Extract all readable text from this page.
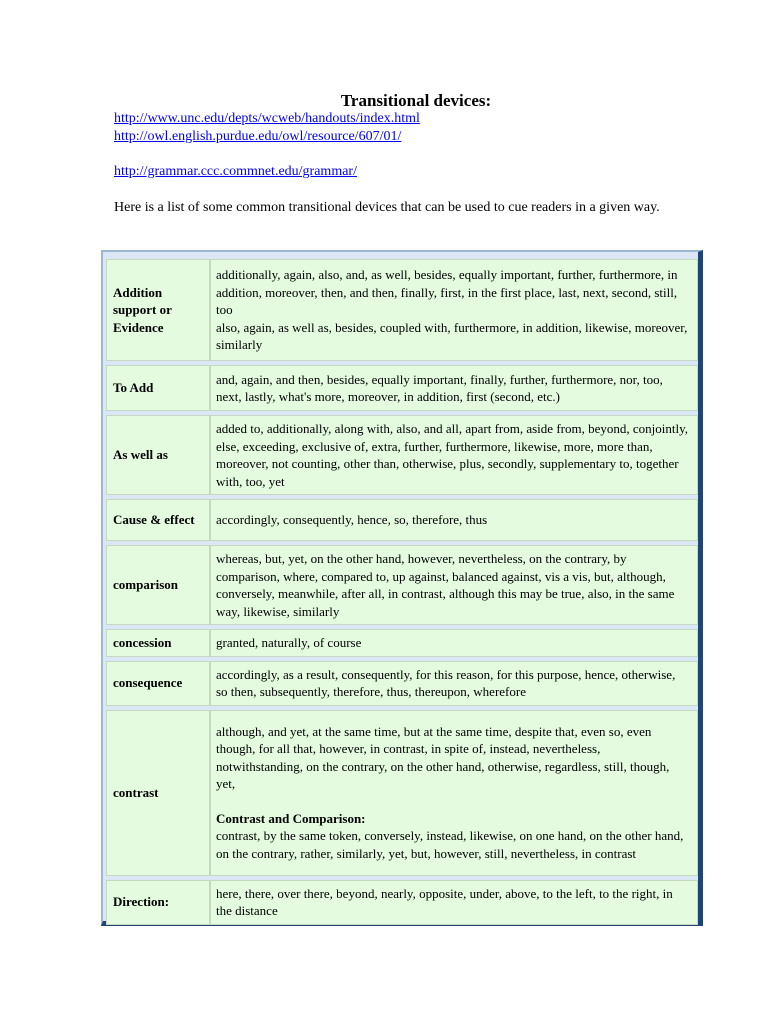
Transitional devices:
http://www.unc.edu/depts/wcweb/handouts/index.html
http://owl.english.purdue.edu/owl/resource/607/01/
http://grammar.ccc.commnet.edu/grammar/
Here is a list of some common transitional devices that can be used to cue readers in a given way.
Addition support or Evidence	additionally, again, also, and, as well, besides, equally important, further, furthermore, in addition, moreover, then, and then, finally, first, in the first place, last, next, second, still, too
also, again, as well as, besides, coupled with, furthermore, in addition, likewise, moreover, similarly
To Add	and, again, and then, besides, equally important, finally, further, furthermore, nor, too, next, lastly, what's more, moreover, in addition, first (second, etc.)
As well as	added to, additionally, along with, also, and all, apart from, aside from, beyond, conjointly, else, exceeding, exclusive of, extra, further, furthermore, likewise, more, more than, moreover, not counting, other than, otherwise, plus, secondly, supplementary to, together with, too, yet
Cause & effect	accordingly, consequently, hence, so, therefore, thus
comparison	whereas, but, yet, on the other hand, however, nevertheless, on the contrary, by comparison, where, compared to, up against, balanced against, vis a vis, but, although, conversely, meanwhile, after all, in contrast, although this may be true, also, in the same way, likewise, similarly
concession	granted, naturally, of course
consequence	accordingly, as a result, consequently, for this reason, for this purpose, hence, otherwise, so then, subsequently, therefore, thus, thereupon, wherefore
contrast	although, and yet, at the same time, but at the same time, despite that, even so, even though, for all that, however, in contrast, in spite of, instead, nevertheless, notwithstanding, on the contrary, on the other hand, otherwise, regardless, still, though, yet,
Contrast and Comparison:
contrast, by the same token, conversely, instead, likewise, on one hand, on the other hand, on the contrary, rather, similarly, yet, but, however, still, nevertheless, in contrast
Direction:	here, there, over there, beyond, nearly, opposite, under, above, to the left, to the right, in the distance
